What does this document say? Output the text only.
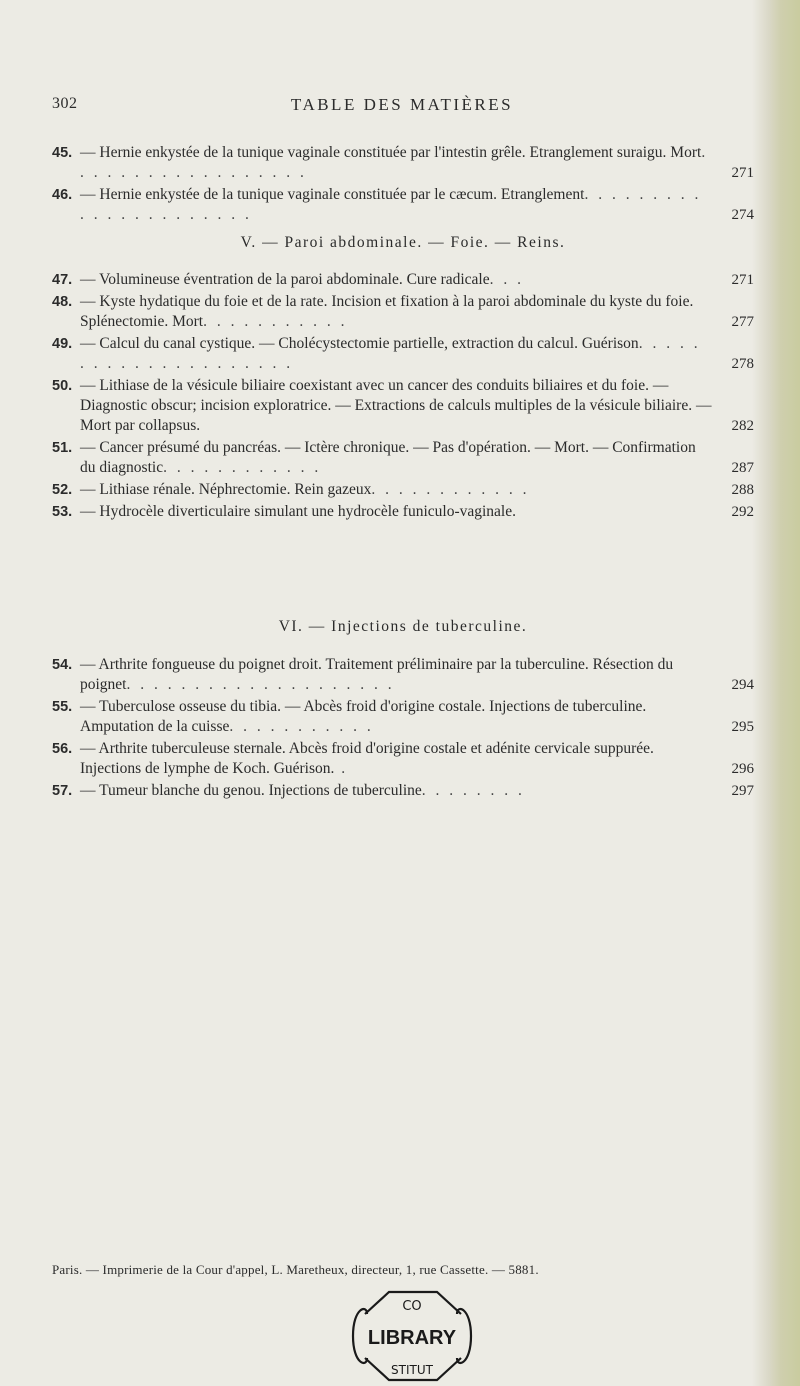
302	TABLE DES MATIÈRES
45. — Hernie enkystée de la tunique vaginale constituée par l'intestin grêle. Etranglement suraigu. Mort. . . . . . . . . . . . . . . . . .	271
46. — Hernie enkystée de la tunique vaginale constituée par le cæcum. Etranglement. . . . . . . . . . . . . . . . . . . . . .	274
V. — Paroi abdominale. — Foie. — Reins.
47. — Volumineuse éventration de la paroi abdominale. Cure radicale. . .	271
48. — Kyste hydatique du foie et de la rate. Incision et fixation à la paroi abdominale du kyste du foie. Splénectomie. Mort. . . . . . . . . . .	277
49. — Calcul du canal cystique. — Cholécystectomie partielle, extraction du calcul. Guérison. . . . . . . . . . . . . . . . . . . . .	278
50. — Lithiase de la vésicule biliaire coexistant avec un cancer des conduits biliaires et du foie. — Diagnostic obscur; incision exploratrice. — Extractions de calculs multiples de la vésicule biliaire. — Mort par collapsus.	282
51. — Cancer présumé du pancréas. — Ictère chronique. — Pas d'opération. — Mort. — Confirmation du diagnostic. . . . . . . . . . . .	287
52. — Lithiase rénale. Néphrectomie. Rein gazeux. . . . . . . . . . . .	288
53. — Hydrocèle diverticulaire simulant une hydrocèle funiculo-vaginale.	292
VI. — Injections de tuberculine.
54. — Arthrite fongueuse du poignet droit. Traitement préliminaire par la tuberculine. Résection du poignet. . . . . . . . . . . . . . . . . . . .	294
55. — Tuberculose osseuse du tibia. — Abcès froid d'origine costale. Injections de tuberculine. Amputation de la cuisse. . . . . . . . . . .	295
56. — Arthrite tuberculeuse sternale. Abcès froid d'origine costale et adénite cervicale suppurée. Injections de lymphe de Koch. Guérison. .	296
57. — Tumeur blanche du genou. Injections de tuberculine. . . . . . . .	297
Paris. — Imprimerie de la Cour d'appel, L. Maretheux, directeur, 1, rue Cassette. — 5881.
CO
LIBRARY
STITUT
